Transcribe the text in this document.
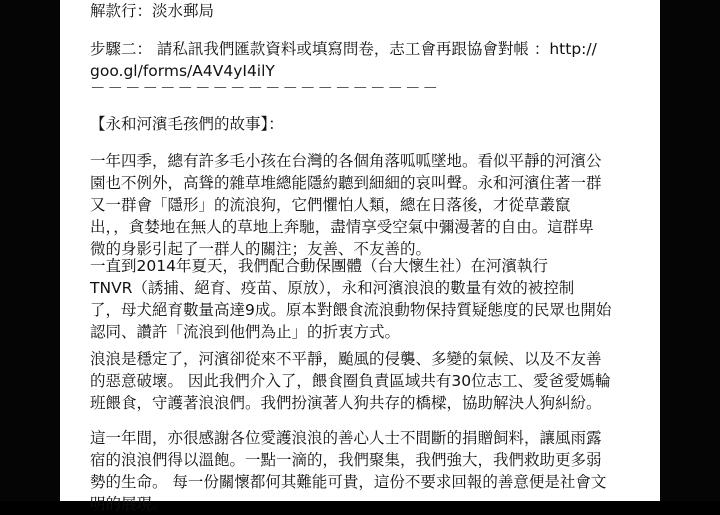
解款行：淡水郵局

步驟二： 請私訊我們匯款資料或填寫問卷，志工會再跟協會對帳 ：http://

goo.gl/forms/A4V4yI4ilY

－－－－－－－－－－－－－－－－－－－－

【永和河濱毛孩們的故事】：

一年四季，總有許多毛小孩在台灣的各個角落呱呱墜地。看似平靜的河濱公
園也不例外，高聳的雜草堆總能隱約聽到細細的哀叫聲。永和河濱住著一群
又一群會「隱形」的流浪狗，它們懼怕人類，總在日落後，才從草叢竄
出，，貪婪地在無人的草地上奔馳，盡情享受空氣中彌漫著的自由。這群卑
微的身影引起了一群人的關注；友善、不友善的。

一直到2014年夏天，我們配合動保團體（台大懷生社）在河濱執行
TNVR（誘捕、絕育、疫苗、原放），永和河濱浪浪的數量有效的被控制
了，母犬絕育數量高達9成。原本對餵食流浪動物保持質疑態度的民眾也開始
認同、讚許「流浪到他們為止」的折衷方式。

浪浪是穩定了，河濱卻從來不平靜，颱風的侵襲、多變的氣候、以及不友善
的惡意破壞。 因此我們介入了，餵食圈負責區域共有30位志工、愛爸愛媽輪
班餵食，守護著浪浪們。我們扮演著人狗共存的橋樑，協助解決人狗糾紛。

這一年間，亦很感謝各位愛護浪浪的善心人士不間斷的捐贈飼料，讓風雨露
宿的浪浪們得以溫飽。一點一滴的，我們聚集，我們強大，我們救助更多弱
勢的生命。 每一份關懷都何其難能可貴，這份不要求回報的善意便是社會文
明的展現。
